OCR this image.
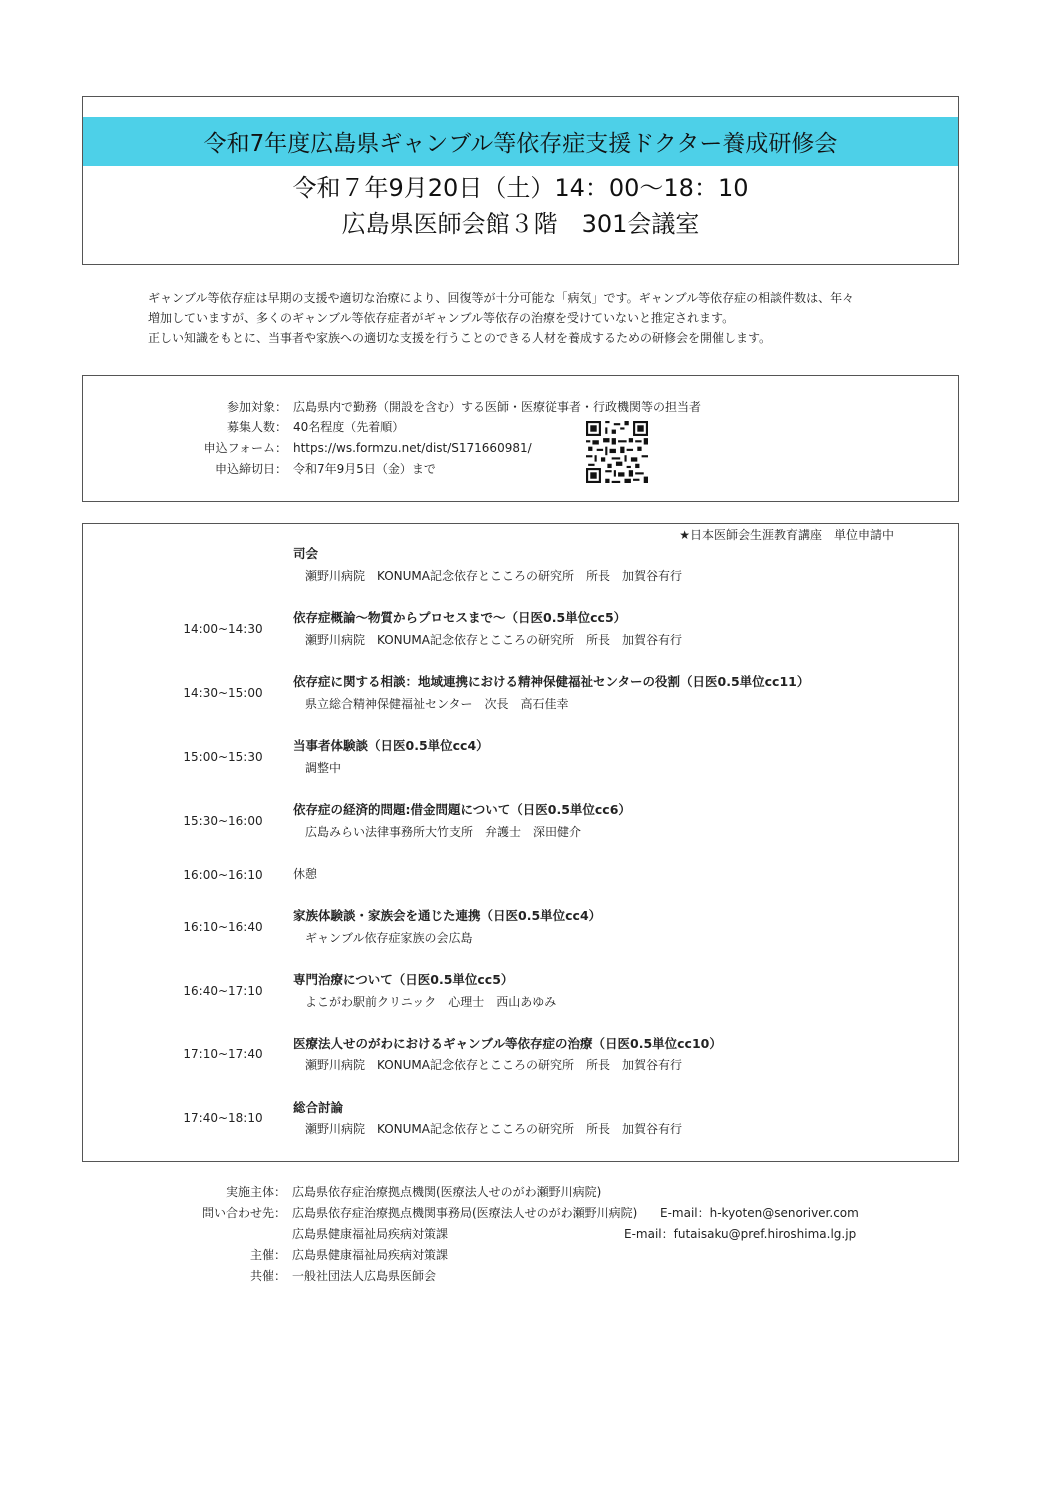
令和7年度広島県ギャンブル等依存症支援ドクター養成研修会
令和７年9月20日（土）14：00～18：10
広島県医師会館３階　301会議室

ギャンブル等依存症は早期の支援や適切な治療により、回復等が十分可能な「病気」です。ギャンブル等依存症の相談件数は、年々

増加していますが、多くのギャンブル等依存症者がギャンブル等依存の治療を受けていないと推定されます。

正しい知識をもとに、当事者や家族への適切な支援を行うことのできる人材を養成するための研修会を開催します。

参加対象： 広島県内で勤務（開設を含む）する医師・医療従事者・行政機関等の担当者
募集人数： 40名程度（先着順）
申込フォーム： https://ws.formzu.net/dist/S171660981/
申込締切日： 令和7年9月5日（金）まで
★日本医師会生涯教育講座　単位申請中
司会
瀬野川病院　KONUMA記念依存とこころの研究所　所長　加賀谷有行
14:00~14:30
依存症概論～物質からプロセスまで～（日医0.5単位cc5）
瀬野川病院　KONUMA記念依存とこころの研究所　所長　加賀谷有行
14:30~15:00
依存症に関する相談：地域連携における精神保健福祉センターの役割（日医0.5単位cc11）
県立総合精神保健福祉センター　次長　高石佳幸
15:00~15:30
当事者体験談（日医0.5単位cc4）
調整中
15:30~16:00
依存症の経済的問題:借金問題について（日医0.5単位cc6）
広島みらい法律事務所大竹支所　弁護士　深田健介
16:00~16:10	休憩
16:10~16:40
家族体験談・家族会を通じた連携（日医0.5単位cc4）
ギャンブル依存症家族の会広島
16:40~17:10
専門治療について（日医0.5単位cc5）
よこがわ駅前クリニック　心理士　西山あゆみ
17:10~17:40
医療法人せのがわにおけるギャンブル等依存症の治療（日医0.5単位cc10）
瀬野川病院　KONUMA記念依存とこころの研究所　所長　加賀谷有行
17:40~18:10
総合討論
瀬野川病院　KONUMA記念依存とこころの研究所　所長　加賀谷有行
実施主体： 広島県依存症治療拠点機関(医療法人せのがわ瀬野川病院)
問い合わせ先： 広島県依存症治療拠点機関事務局(医療法人せのがわ瀬野川病院) E-mail：h-kyoten@senoriver.com
広島県健康福祉局疾病対策課	E-mail：futaisaku@pref.hiroshima.lg.jp
主催： 広島県健康福祉局疾病対策課
共催： 一般社団法人広島県医師会
